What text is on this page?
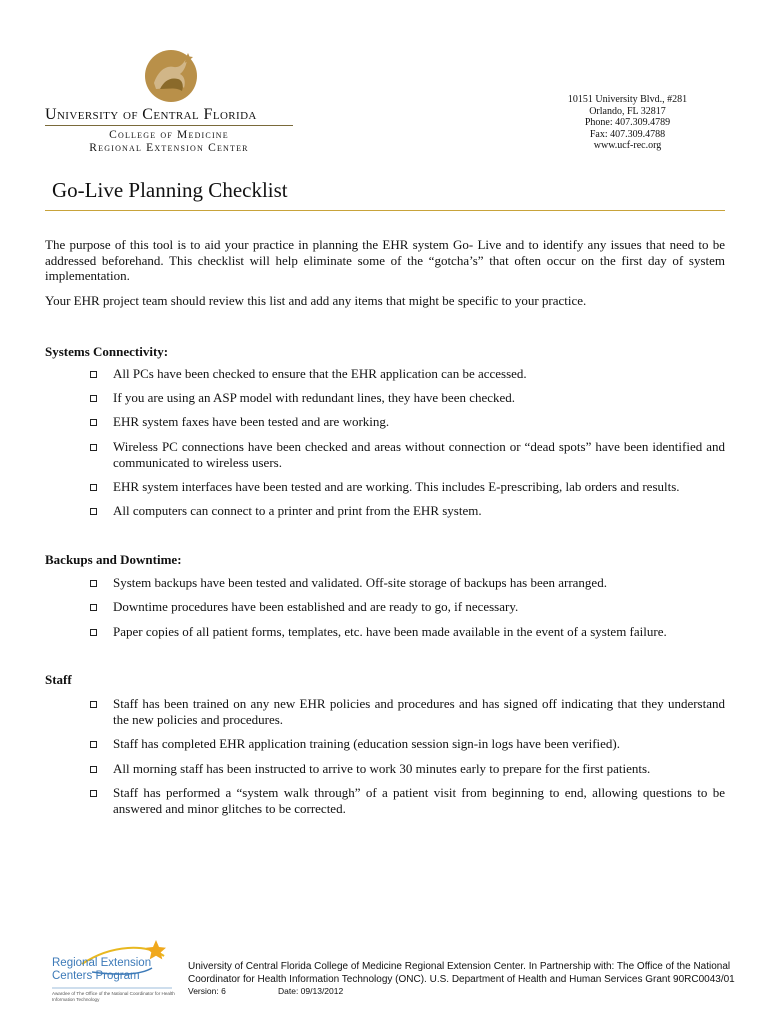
University of Central Florida
College of Medicine
Regional Extension Center
10151 University Blvd., #281
Orlando, FL 32817
Phone: 407.309.4789
Fax: 407.309.4788
www.ucf-rec.org
Go-Live Planning Checklist
The purpose of this tool is to aid your practice in planning the EHR system Go- Live and to identify any issues that need to be addressed beforehand. This checklist will help eliminate some of the “gotcha’s” that often occur on the first day of system implementation.
Your EHR project team should review this list and add any items that might be specific to your practice.
Systems Connectivity:
All PCs have been checked to ensure that the EHR application can be accessed.
If you are using an ASP model with redundant lines, they have been checked.
EHR system faxes have been tested and are working.
Wireless PC connections have been checked and areas without connection or “dead spots” have been identified and communicated to wireless users.
EHR system interfaces have been tested and are working. This includes E-prescribing, lab orders and results.
All computers can connect to a printer and print from the EHR system.
Backups and Downtime:
System backups have been tested and validated. Off-site storage of backups has been arranged.
Downtime procedures have been established and are ready to go, if necessary.
Paper copies of all patient forms, templates, etc. have been made available in the event of a system failure.
Staff
Staff has been trained on any new EHR policies and procedures and has signed off indicating that they understand the new policies and procedures.
Staff has completed EHR application training (education session sign-in logs have been verified).
All morning staff has been instructed to arrive to work 30 minutes early to prepare for the first patients.
Staff has performed a “system walk through” of a patient visit from beginning to end, allowing questions to be answered and minor glitches to be corrected.
Regional Extension
Centers Program
Awardee of The Office of the National Coordinator for Health Information Technology
University of Central Florida College of Medicine Regional Extension Center. In Partnership with: The Office of the National Coordinator for Health Information Technology (ONC). U.S. Department of Health and Human Services Grant 90RC0043/01
Version: 6	Date: 09/13/2012
